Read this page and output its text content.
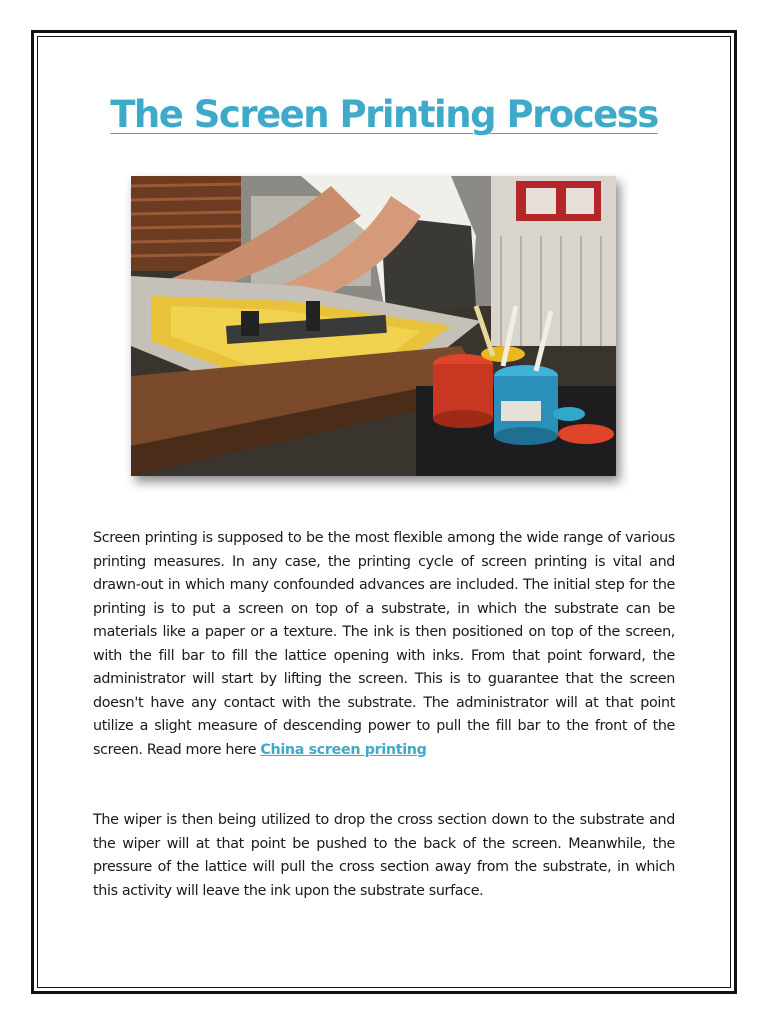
The Screen Printing Process

Screen printing is supposed to be the most flexible among the wide range of various printing measures. In any case, the printing cycle of screen printing is vital and drawn-out in which many confounded advances are included. The initial step for the printing is to put a screen on top of a substrate, in which the substrate can be materials like a paper or a texture. The ink is then positioned on top of the screen, with the fill bar to fill the lattice opening with inks. From that point forward, the administrator will start by lifting the screen. This is to guarantee that the screen doesn't have any contact with the substrate. The administrator will at that point utilize a slight measure of descending power to pull the fill bar to the front of the screen. Read more here China screen printing

The wiper is then being utilized to drop the cross section down to the substrate and the wiper will at that point be pushed to the back of the screen. Meanwhile, the pressure of the lattice will pull the cross section away from the substrate, in which this activity will leave the ink upon the substrate surface.
